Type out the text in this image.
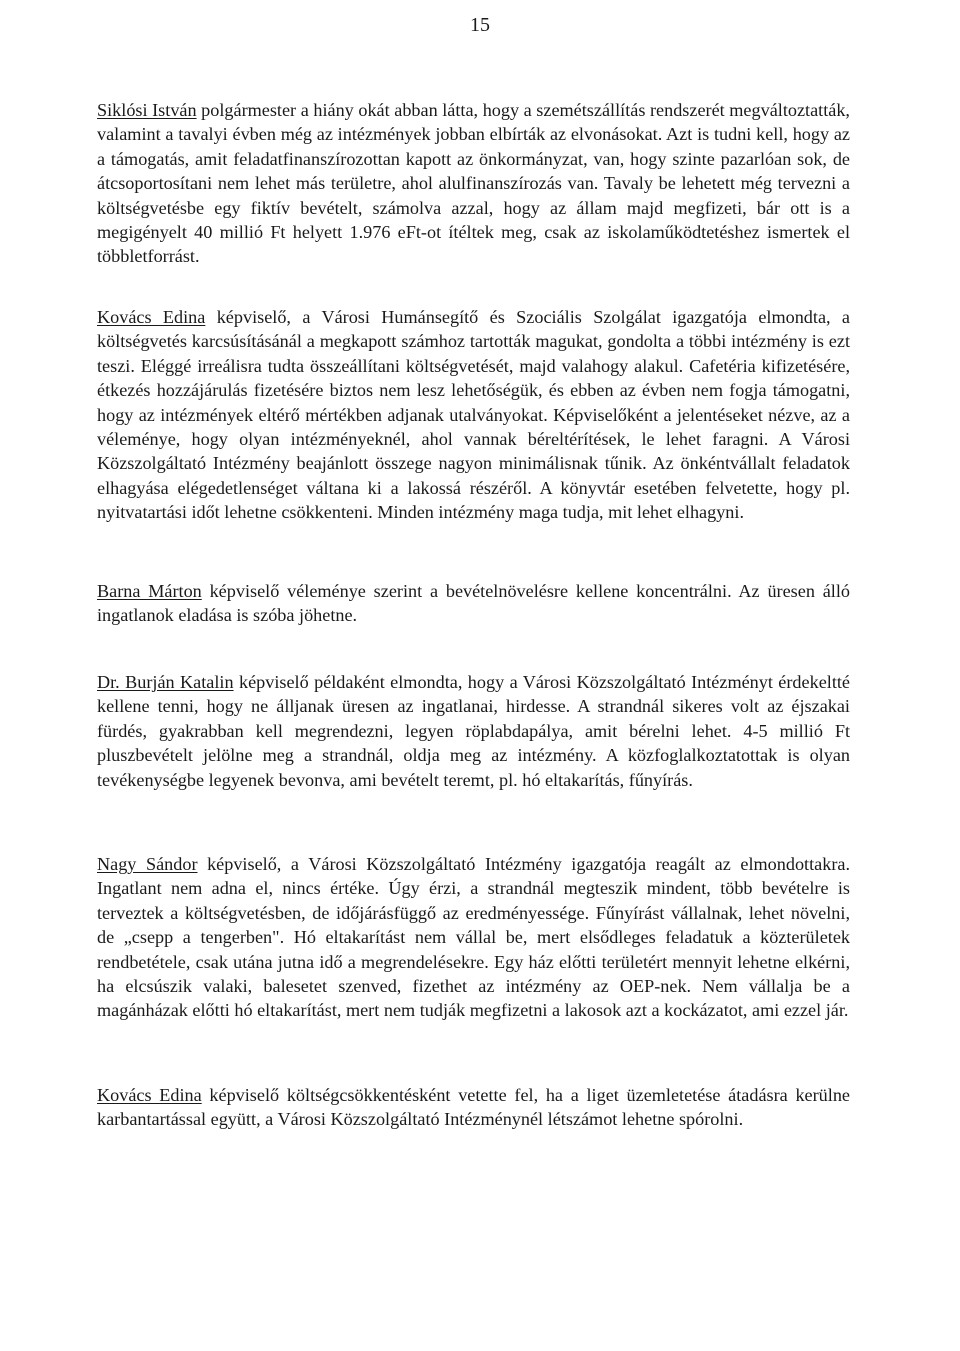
15

Siklósi István polgármester a hiány okát abban látta, hogy a szemétszállítás rendszerét megváltoztatták, valamint a tavalyi évben még az intézmények jobban elbírták az elvonásokat. Azt is tudni kell, hogy az a támogatás, amit feladatfinanszírozottan kapott az önkormányzat, van, hogy szinte pazarlóan sok, de átcsoportosítani nem lehet más területre, ahol alulfinanszírozás van. Tavaly be lehetett még tervezni a költségvetésbe egy fiktív bevételt, számolva azzal, hogy az állam majd megfizeti, bár ott is a megigényelt 40 millió Ft helyett 1.976 eFt-ot ítéltek meg, csak az iskolaműködtetéshez ismertek el többletforrást.

Kovács Edina képviselő, a Városi Humánsegítő és Szociális Szolgálat igazgatója elmondta, a költségvetés karcsúsításánál a megkapott számhoz tartották magukat, gondolta a többi intézmény is ezt teszi. Eléggé irreálisra tudta összeállítani költségvetését, majd valahogy alakul. Cafetéria kifizetésére, étkezés hozzájárulás fizetésére biztos nem lesz lehetőségük, és ebben az évben nem fogja támogatni, hogy az intézmények eltérő mértékben adjanak utalványokat. Képviselőként a jelentéseket nézve, az a véleménye, hogy olyan intézményeknél, ahol vannak béreltérítések, le lehet faragni. A Városi Közszolgáltató Intézmény beajánlott összege nagyon minimálisnak tűnik. Az önkéntvállalt feladatok elhagyása elégedetlenséget váltana ki a lakossá részéről. A könyvtár esetében felvetette, hogy pl. nyitvatartási időt lehetne csökkenteni. Minden intézmény maga tudja, mit lehet elhagyni.

Barna Márton képviselő véleménye szerint a bevételnövelésre kellene koncentrálni. Az üresen álló ingatlanok eladása is szóba jöhetne.

Dr. Burján Katalin képviselő példaként elmondta, hogy a Városi Közszolgáltató Intézményt érdekeltté kellene tenni, hogy ne álljanak üresen az ingatlanai, hirdesse. A strandnál sikeres volt az éjszakai fürdés, gyakrabban kell megrendezni, legyen röplabdapálya, amit bérelni lehet. 4-5 millió Ft pluszbevételt jelölne meg a strandnál, oldja meg az intézmény. A közfoglalkoztatottak is olyan tevékenységbe legyenek bevonva, ami bevételt teremt, pl. hó eltakarítás, fűnyírás.

Nagy Sándor képviselő, a Városi Közszolgáltató Intézmény igazgatója reagált az elmondottakra. Ingatlant nem adna el, nincs értéke. Úgy érzi, a strandnál megteszik mindent, több bevételre is terveztek a költségvetésben, de időjárásfüggő az eredményessége. Fűnyírást vállalnak, lehet növelni, de „csepp a tengerben". Hó eltakarítást nem vállal be, mert elsődleges feladatuk a közterületek rendbetétele, csak utána jutna idő a megrendelésekre. Egy ház előtti területért mennyit lehetne elkérni, ha elcsúszik valaki, balesetet szenved, fizethet az intézmény az OEP-nek. Nem vállalja be a magánházak előtti hó eltakarítást, mert nem tudják megfizetni a lakosok azt a kockázatot, ami ezzel jár.

Kovács Edina képviselő költségcsökkentésként vetette fel, ha a liget üzemletetése átadásra kerülne karbantartással együtt, a Városi Közszolgáltató Intézménynél létszámot lehetne spórolni.
